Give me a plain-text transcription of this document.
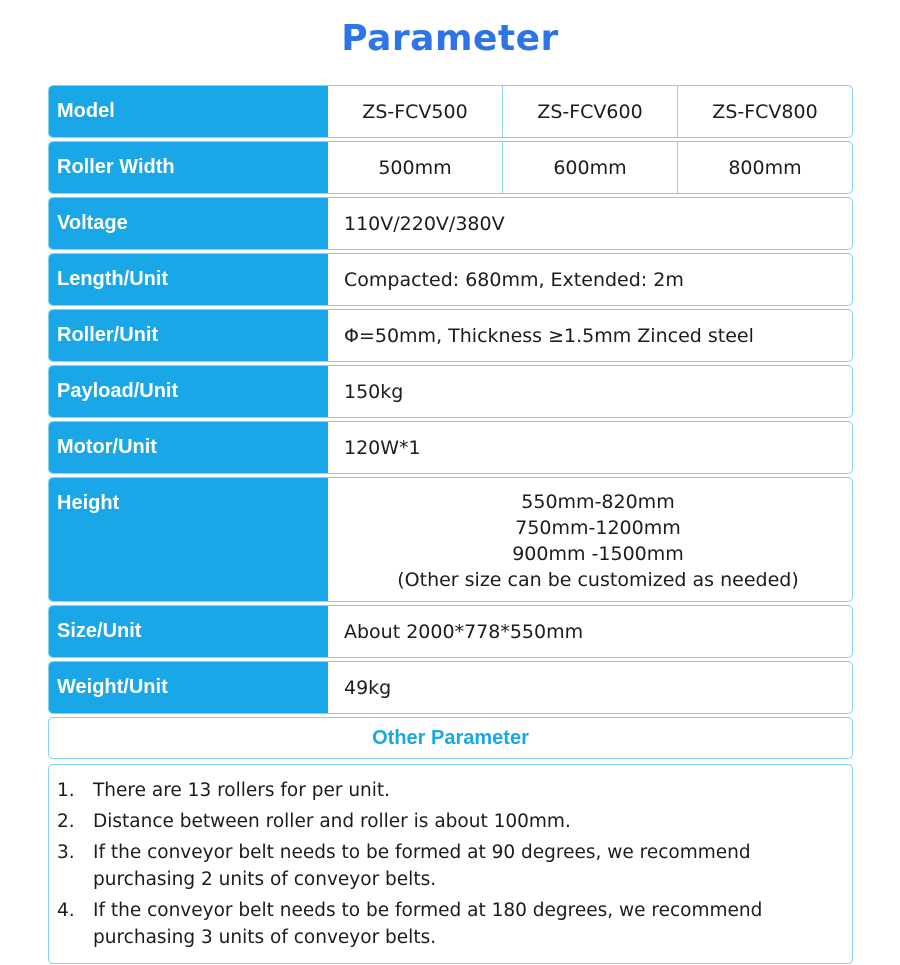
Parameter
Model	ZS-FCV500	ZS-FCV600	ZS-FCV800
Roller Width	500mm	600mm	800mm
Voltage	110V/220V/380V
Length/Unit	Compacted: 680mm, Extended: 2m
Roller/Unit	Φ=50mm, Thickness ≥1.5mm Zinced steel
Payload/Unit	150kg
Motor/Unit	120W*1
Height	550mm-820mm
750mm-1200mm
900mm -1500mm
(Other size can be customized as needed)
Size/Unit	About 2000*778*550mm
Weight/Unit	49kg
Other Parameter
1. There are 13 rollers for per unit.
2. Distance between roller and roller is about 100mm.
3. If the conveyor belt needs to be formed at 90 degrees, we recommend purchasing 2 units of conveyor belts.
4. If the conveyor belt needs to be formed at 180 degrees, we recommend purchasing 3 units of conveyor belts.
